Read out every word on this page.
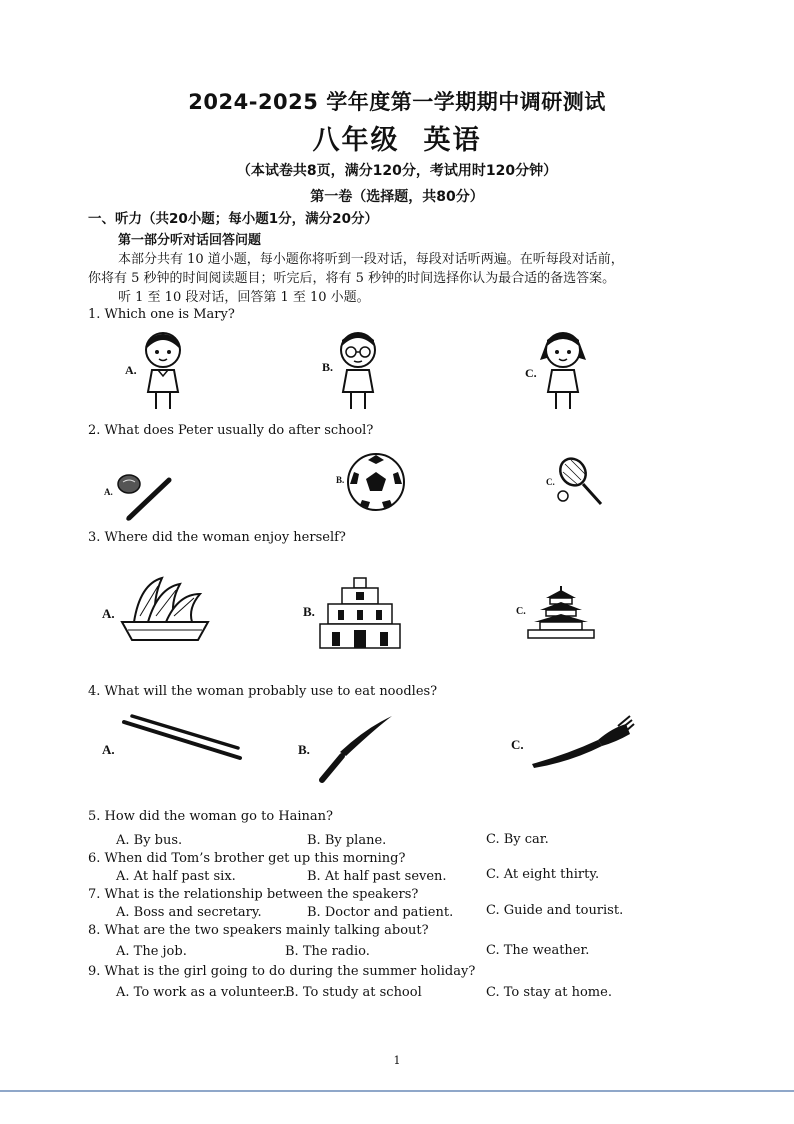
2024-2025 学年度第一学期期中调研测试
八年级 英语
（本试卷共8页，满分120分，考试用时120分钟）
第一卷（选择题，共80分）
一、听力（共20小题；每小题1分，满分20分）
第一部分听对话回答问题
本部分共有 10 道小题，每小题你将听到一段对话，每段对话听两遍。在听每段对话前，
你将有 5 秒钟的时间阅读题目；听完后，将有 5 秒钟的时间选择你认为最合适的备选答案。
听 1 至 10 段对话，回答第 1 至 10 小题。
1. Which one is Mary?
A.	B.	C.
2. What does Peter usually do after school?
A.
B.	C.
3. Where did the woman enjoy herself?
A.	B.	C.
4. What will the woman probably use to eat noodles?
A.	B.	C.
5. How did the woman go to Hainan?
A. By bus.	B. By plane.	C. By car.
6. When did Tom’s brother get up this morning?
A. At half past six.	B. At half past seven.	C. At eight thirty.
7. What is the relationship between the speakers?
A. Boss and secretary.	B. Doctor and patient.	C. Guide and tourist.
8. What are the two speakers mainly talking about?
A. The job.	B. The radio.	C. The weather.
9. What is the girl going to do during the summer holiday?
A. To work as a volunteer.
B. To study at school	C. To stay at home.
1
